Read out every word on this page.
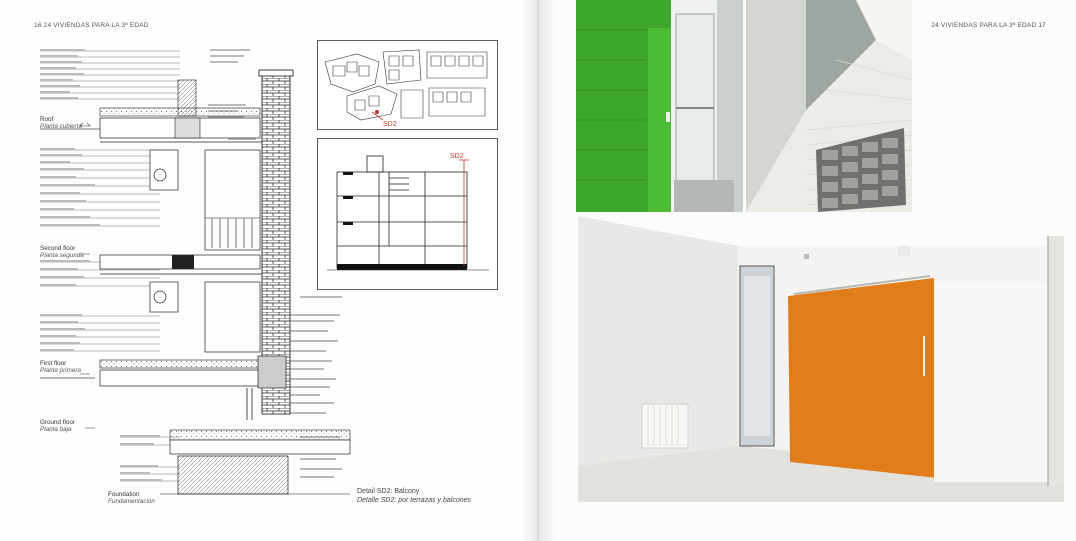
16 24 VIVIENDAS PARA LA 3ª EDAD
Roof
Planta cubierta
Second floor
Planta segunda
First floor
Planta primera
Ground floor
Planta baja
Foundation
Fundamentación
SD2
SD2
Detail SD2: Balcony
Detalle SD2: por terrazas y balcones
24 VIVIENDAS PARA LA 3ª EDAD 17
